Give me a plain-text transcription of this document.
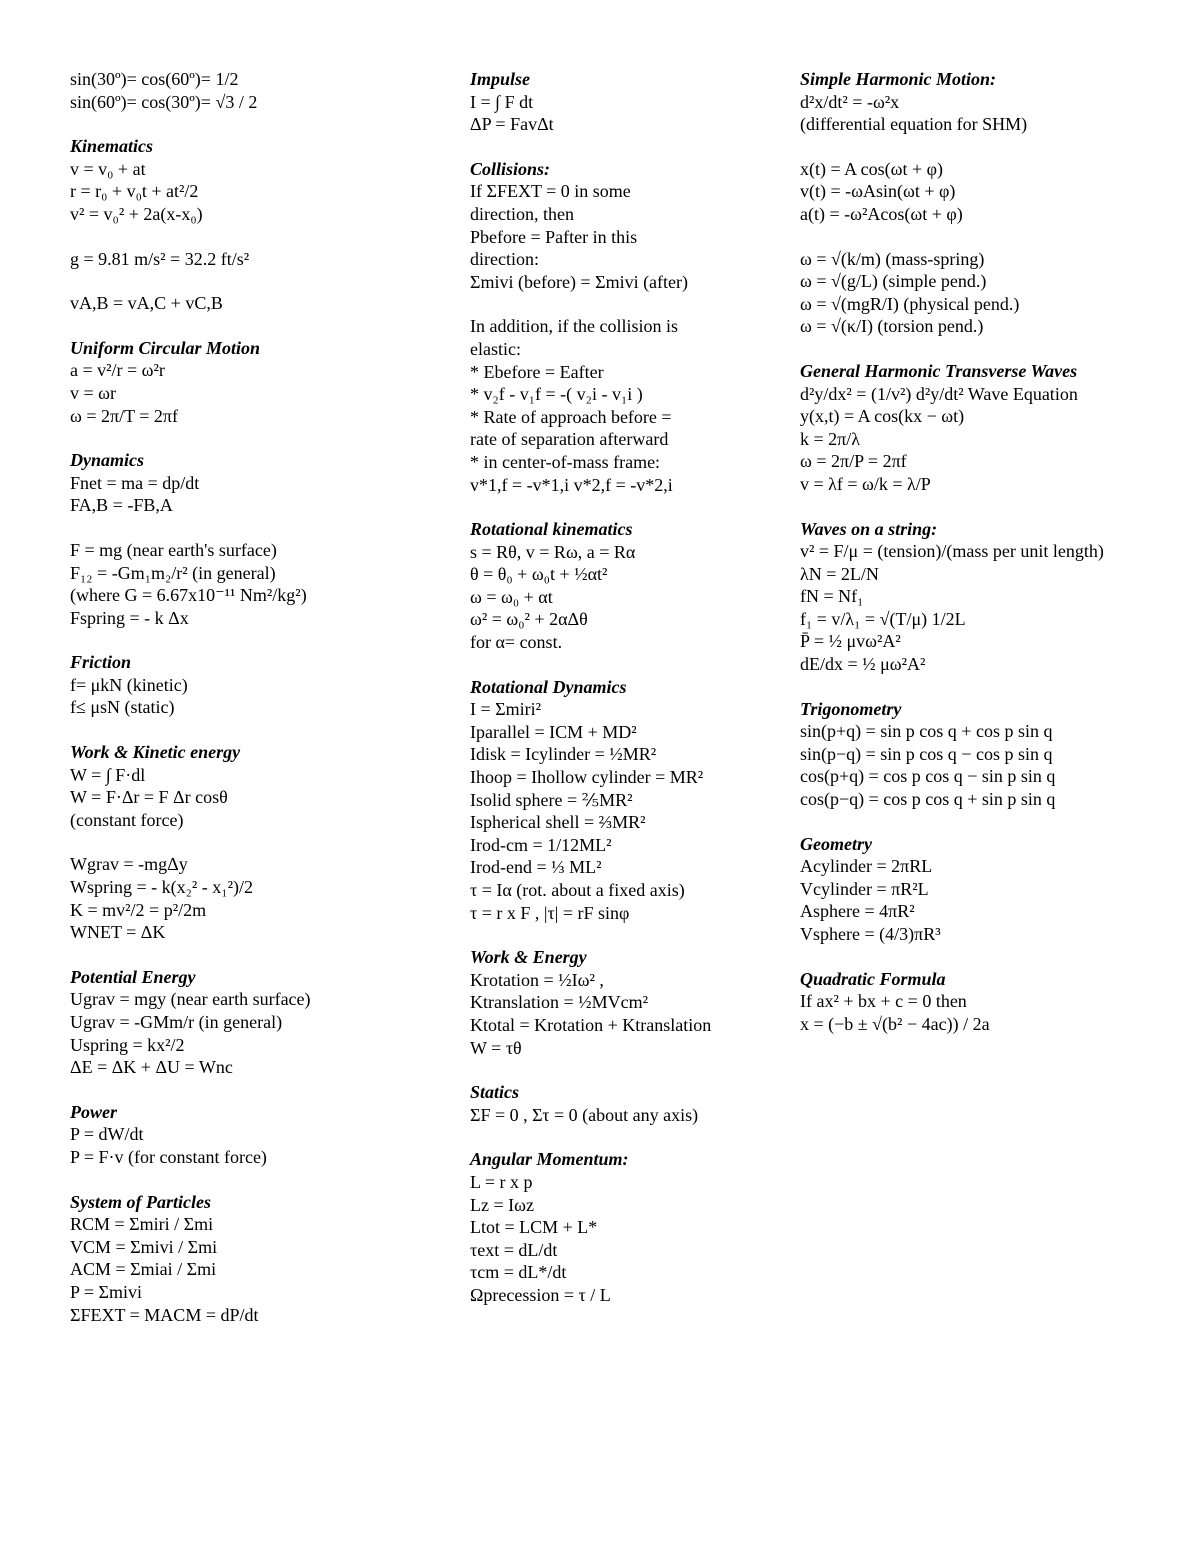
sin(30º)= cos(60º)= 1/2
sin(60º)= cos(30º)= √3 / 2
Kinematics
v = v₀ + at
r = r₀ + v₀t + at²/2
v² = v₀² + 2a(x-x₀)
g = 9.81 m/s² = 32.2 ft/s²
vA,B = vA,C + vC,B
Uniform Circular Motion
a = v²/r = ω²r
v = ωr
ω = 2π/T = 2πf
Dynamics
Fnet = ma = dp/dt
FA,B = -FB,A
F = mg (near earth's surface)
F₁₂ = -Gm₁m₂/r² (in general)
(where G = 6.67x10⁻¹¹ Nm²/kg²)
Fspring = - k Δx
Friction
f= μkN (kinetic)
f≤ μsN (static)
Work & Kinetic energy
W = ∫ F·dl
W = F·Δr = F Δr cosθ
(constant force)
Wgrav = -mgΔy
Wspring = - k(x₂² - x₁²)/2
K = mv²/2 = p²/2m
WNET = ΔK
Potential Energy
Ugrav = mgy (near earth surface)
Ugrav = -GMm/r (in general)
Uspring = kx²/2
ΔE = ΔK + ΔU = Wnc
Power
P = dW/dt
P = F·v (for constant force)
System of Particles
RCM = Σmiri / Σmi
VCM = Σmivi / Σmi
ACM = Σmiai / Σmi
P = Σmivi
ΣFEXT = MACM = dP/dt
Impulse
I = ∫ F dt
ΔP = FavΔt
Collisions:
If ΣFEXT = 0 in some
direction, then
Pbefore = Pafter in this
direction:
Σmivi (before) = Σmivi (after)
In addition, if the collision is
elastic:
* Ebefore = Eafter
* v₂f - v₁f = -( v₂i - v₁i )
* Rate of approach before =
rate of separation afterward
* in center-of-mass frame:
v*1,f = -v*1,i v*2,f = -v*2,i
Rotational kinematics
s = Rθ, v = Rω, a = Rα
θ = θ₀ + ω₀t + ½αt²
ω = ω₀ + αt
ω² = ω₀² + 2αΔθ
for α= const.
Rotational Dynamics
I = Σmiri²
Iparallel = ICM + MD²
Idisk = Icylinder = ½MR²
Ihoop = Ihollow cylinder = MR²
Isolid sphere = ⅖MR²
Ispherical shell = ⅔MR²
Irod-cm = 1/12ML²
Irod-end = ⅓ ML²
τ = Iα (rot. about a fixed axis)
τ = r x F , |τ| = rF sinφ
Work & Energy
Krotation = ½Iω² ,
Ktranslation = ½MVcm²
Ktotal = Krotation + Ktranslation
W = τθ
Statics
ΣF = 0 , Στ = 0 (about any axis)
Angular Momentum:
L = r x p
Lz = Iωz
Ltot = LCM + L*
τext = dL/dt
τcm = dL*/dt
Ωprecession = τ / L
Simple Harmonic Motion:
d²x/dt² = -ω²x
(differential equation for SHM)
x(t) = A cos(ωt + φ)
v(t) = -ωAsin(ωt + φ)
a(t) = -ω²Acos(ωt + φ)
ω = √(k/m) (mass-spring)
ω = √(g/L) (simple pend.)
ω = √(mgR/I) (physical pend.)
ω = √(κ/I) (torsion pend.)
General Harmonic Transverse Waves
d²y/dx² = (1/v²) d²y/dt² Wave Equation
y(x,t) = A cos(kx − ωt)
k = 2π/λ
ω = 2π/P = 2πf
v = λf = ω/k = λ/P
Waves on a string:
v² = F/μ = (tension)/(mass per unit length)
λN = 2L/N
fN = Nf₁
f₁ = v/λ₁ = √(T/μ) 1/2L
P̄ = ½ μvω²A²
dE/dx = ½ μω²A²
Trigonometry
sin(p+q) = sin p cos q + cos p sin q
sin(p−q) = sin p cos q − cos p sin q
cos(p+q) = cos p cos q − sin p sin q
cos(p−q) = cos p cos q + sin p sin q
Geometry
Acylinder = 2πRL
Vcylinder = πR²L
Asphere = 4πR²
Vsphere = (4/3)πR³
Quadratic Formula
If ax² + bx + c = 0 then
x = (−b ± √(b² − 4ac)) / 2a
